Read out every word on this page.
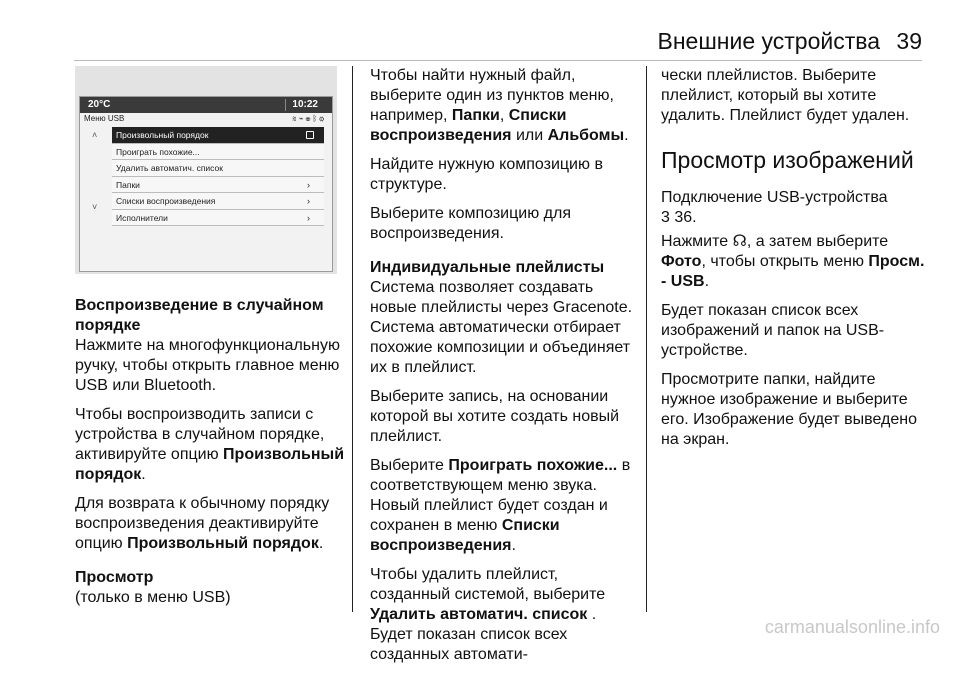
Внешние устройства 39
20°C	10:22
Меню USB	≋⌁☏ᛒ⚙
˄
˅
Произвольный порядок
Проиграть похожие...
Удалить автоматич. список
Папки	›
Списки воспроизведения	›
Исполнители	›

Воспроизведение в случайном порядке

Нажмите на многофункциональную ручку, чтобы открыть главное меню USB или Bluetooth.

Чтобы воспроизводить записи с устройства в случайном порядке, активируйте опцию Произвольный порядок.

Для возврата к обычному порядку воспроизведения деактивируйте опцию Произвольный порядок.

Просмотр

(только в меню USB)

Чтобы найти нужный файл, выберите один из пунктов меню, например, Папки, Списки воспроизведения или Альбомы.

Найдите нужную композицию в структуре.

Выберите композицию для воспроизведения.

Индивидуальные плейлисты

Система позволяет создавать новые плейлисты через Gracenote. Система автоматически отбирает похожие композиции и объединяет их в плейлист.

Выберите запись, на основании которой вы хотите создать новый плейлист.

Выберите Проиграть похожие... в соответствующем меню звука. Новый плейлист будет создан и сохранен в меню Списки воспроизведения.

Чтобы удалить плейлист, созданный системой, выберите Удалить автоматич. список . Будет показан список всех созданных автомати-

чески плейлистов. Выберите плейлист, который вы хотите удалить. Плейлист будет удален.

Просмотр изображений

Подключение USB-устройства
3 36.

Нажмите ☊, а затем выберите Фото, чтобы открыть меню Просм. - USB.

Будет показан список всех изображений и папок на USB-устройстве.

Просмотрите папки, найдите нужное изображение и выберите его. Изображение будет выведено на экран.

carmanualsonline.info
